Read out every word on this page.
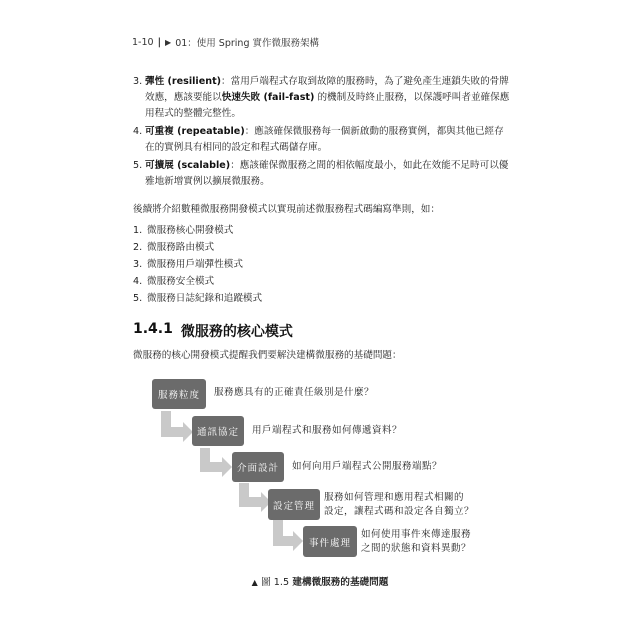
1-10 | ▶ 01：使用 Spring 實作微服務架構
3. 彈性 (resilient)：當用戶端程式存取到故障的服務時，為了避免產生連鎖失敗的骨牌效應，應該要能以快速失敗 (fail-fast) 的機制及時終止服務，以保護呼叫者並確保應用程式的整體完整性。
4. 可重複 (repeatable)：應該確保微服務每一個新啟動的服務實例，都與其他已經存在的實例具有相同的設定和程式碼儲存庫。
5. 可擴展 (scalable)：應該確保微服務之間的相依幅度最小，如此在效能不足時可以優雅地新增實例以擴展微服務。
後續將介紹數種微服務開發模式以實現前述微服務程式碼編寫準則，如：
1. 微服務核心開發模式
2. 微服務路由模式
3. 微服務用戶端彈性模式
4. 微服務安全模式
5. 微服務日誌紀錄和追蹤模式
1.4.1 微服務的核心模式
微服務的核心開發模式提醒我們要解決建構微服務的基礎問題：
服務粒度
通訊協定
介面設計
設定管理
事件處理
服務應具有的正確責任級別是什麼？
用戶端程式和服務如何傳遞資料？
如何向用戶端程式公開服務端點？
服務如何管理和應用程式相關的
設定，讓程式碼和設定各自獨立？
如何使用事件來傳達服務
之間的狀態和資料異動？
▲ 圖 1.5 建構微服務的基礎問題
